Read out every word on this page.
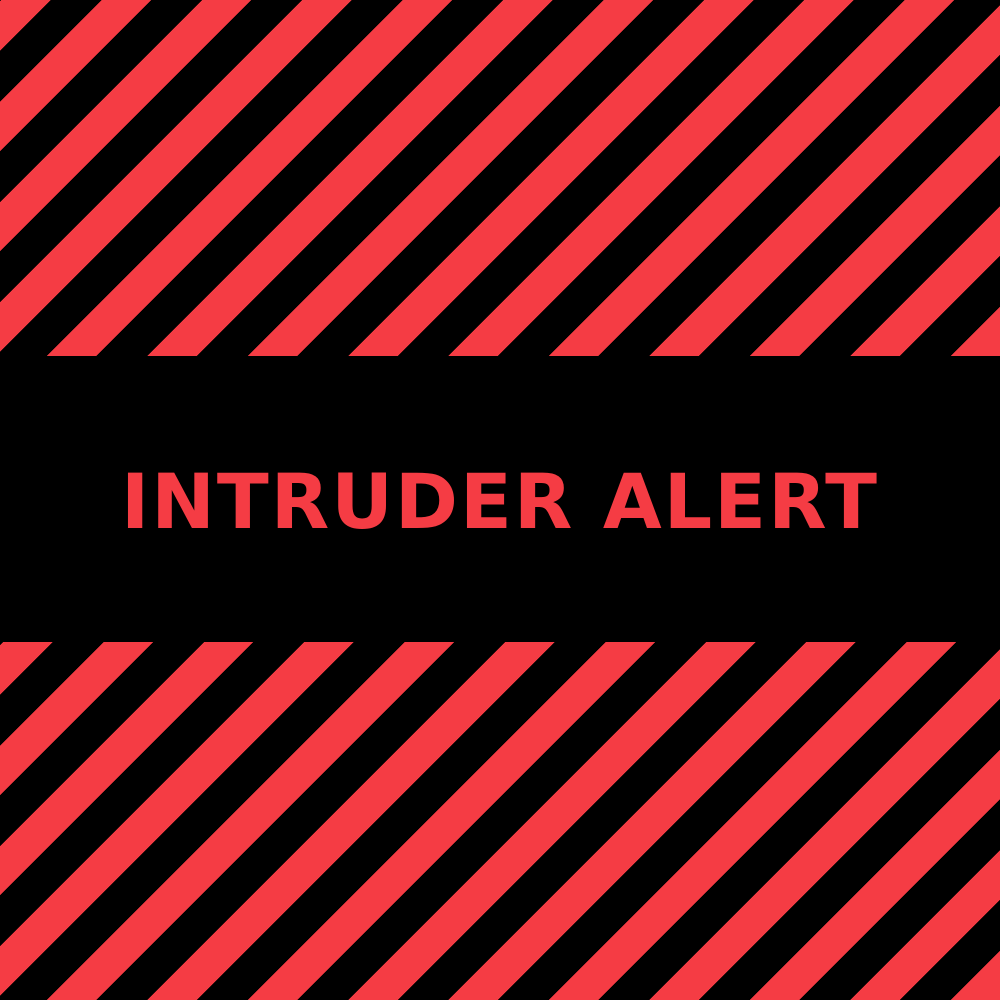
INTRUDER ALERT
